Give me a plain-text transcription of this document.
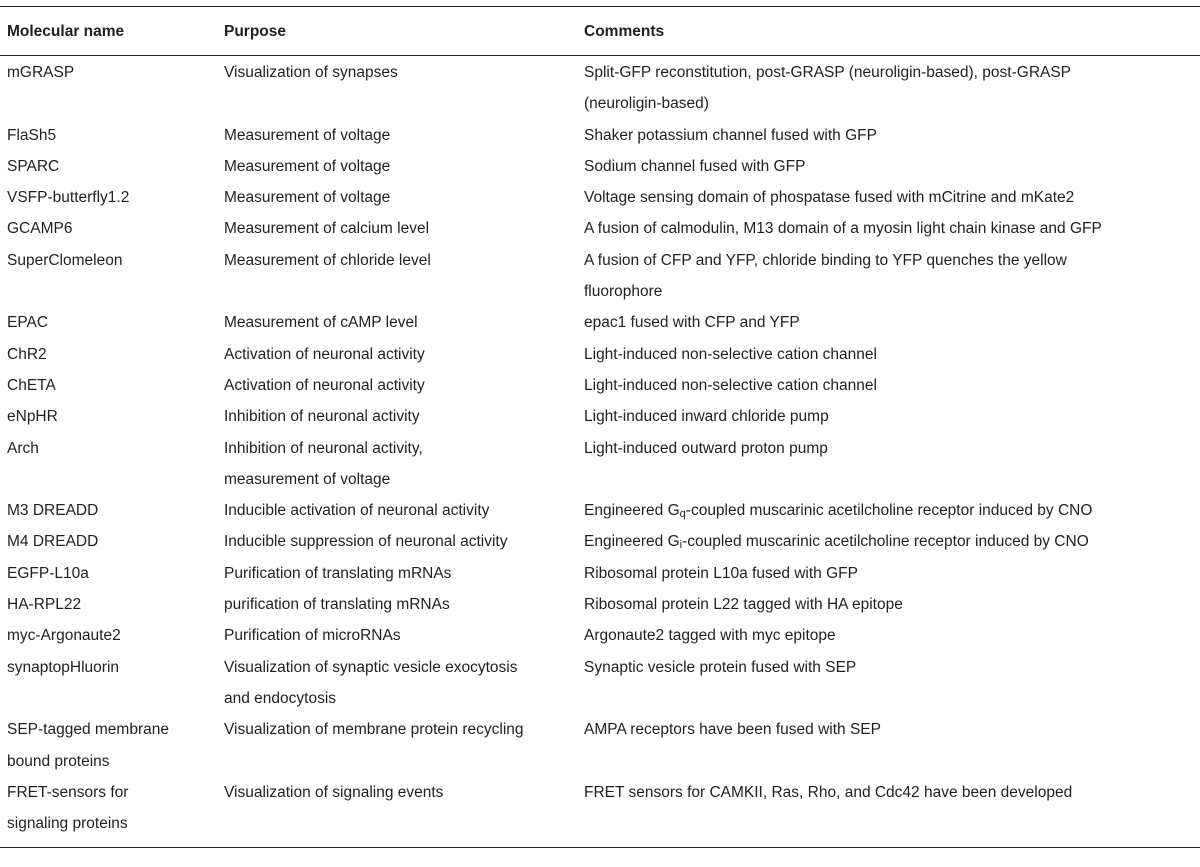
Molecular name	Purpose	Comments

mGRASP	Visualization of synapses	Split-GFP reconstitution, post-GRASP (neuroligin-based), post-GRASP
(neuroligin-based)

FlaSh5	Measurement of voltage	Shaker potassium channel fused with GFP

SPARC	Measurement of voltage	Sodium channel fused with GFP

VSFP-butterfly1.2	Measurement of voltage	Voltage sensing domain of phospatase fused with mCitrine and mKate2

GCAMP6	Measurement of calcium level	A fusion of calmodulin, M13 domain of a myosin light chain kinase and GFP

SuperClomeleon	Measurement of chloride level	A fusion of CFP and YFP, chloride binding to YFP quenches the yellow
fluorophore

EPAC	Measurement of cAMP level	epac1 fused with CFP and YFP

ChR2	Activation of neuronal activity	Light-induced non-selective cation channel

ChETA	Activation of neuronal activity	Light-induced non-selective cation channel

eNpHR	Inhibition of neuronal activity	Light-induced inward chloride pump

Arch	Inhibition of neuronal activity,
measurement of voltage	Light-induced outward proton pump

M3 DREADD	Inducible activation of neuronal activity	Engineered $G_q$-coupled muscarinic acetilcholine receptor induced by CNO

M4 DREADD	Inducible suppression of neuronal activity	Engineered $G_i$-coupled muscarinic acetilcholine receptor induced by CNO

EGFP-L10a	Purification of translating mRNAs	Ribosomal protein L10a fused with GFP

HA-RPL22	purification of translating mRNAs	Ribosomal protein L22 tagged with HA epitope

myc-Argonaute2	Purification of microRNAs	Argonaute2 tagged with myc epitope

synaptopHluorin	Visualization of synaptic vesicle exocytosis
and endocytosis	Synaptic vesicle protein fused with SEP

SEP-tagged membrane
bound proteins	Visualization of membrane protein recycling	AMPA receptors have been fused with SEP

FRET-sensors for
signaling proteins	Visualization of signaling events	FRET sensors for CAMKII, Ras, Rho, and Cdc42 have been developed
